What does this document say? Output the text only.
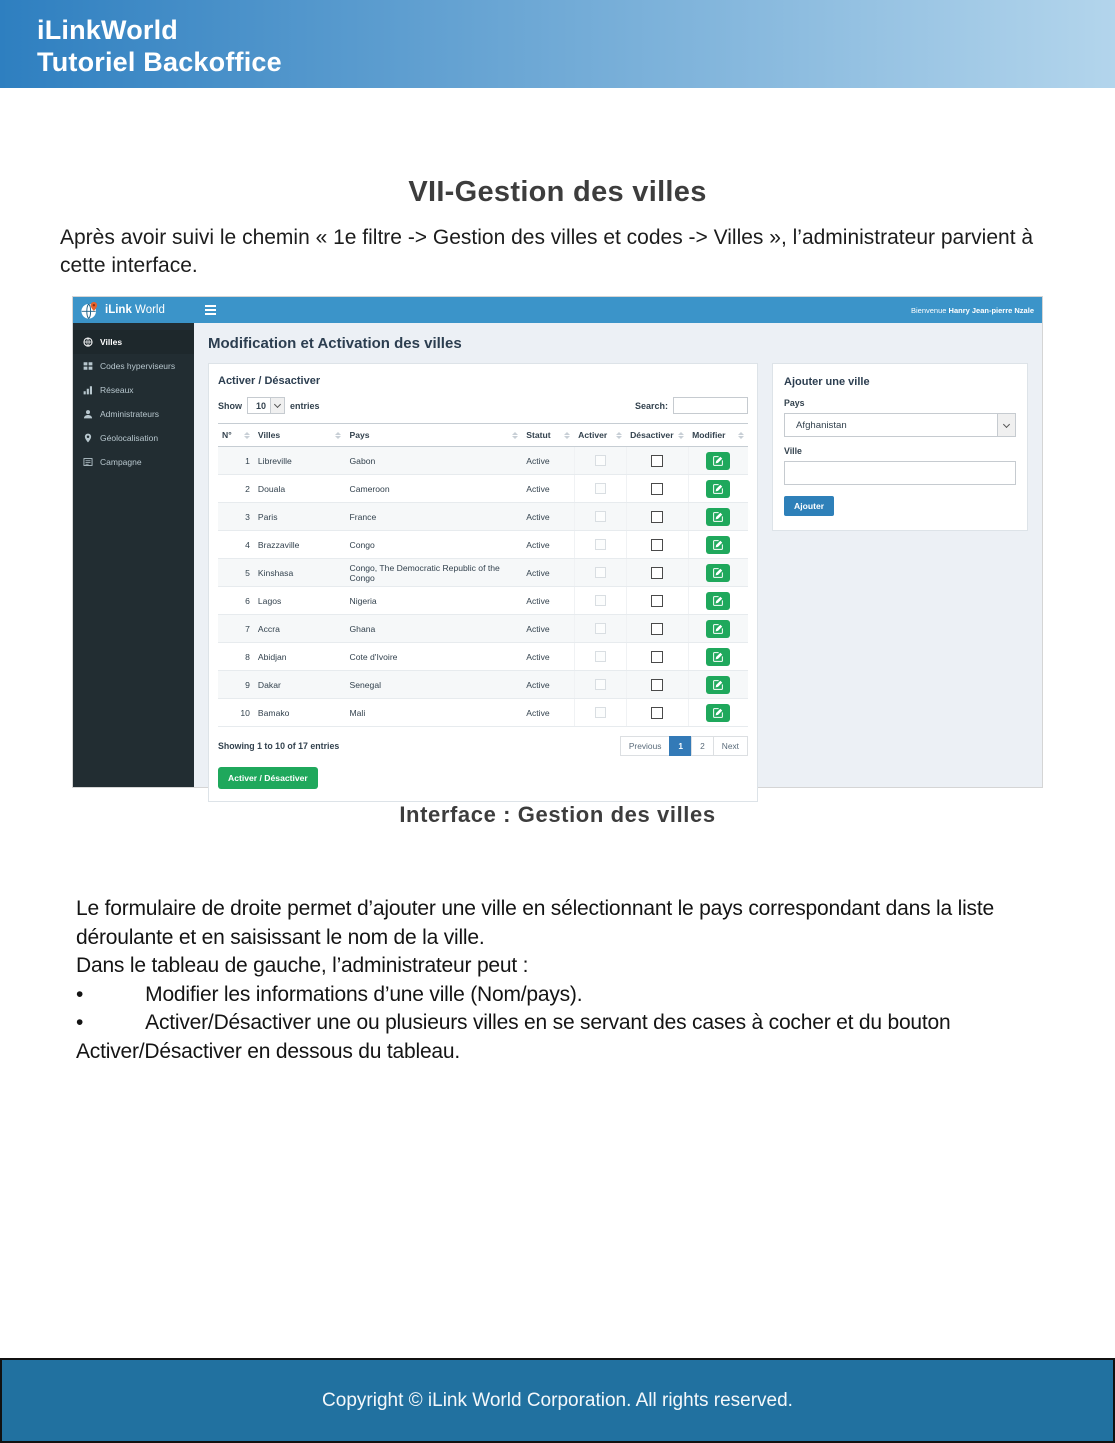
iLinkWorld
Tutoriel Backoffice
VII-Gestion des villes

Après avoir suivi le chemin « 1e filtre -> Gestion des villes et codes -> Villes », l’administrateur parvient à cette interface.

iLink World	Bienvenue Hanry Jean-pierre Nzale
Villes
Codes hyperviseurs
Réseaux
Administrateurs
Géolocalisation
Campagne
Modification et Activation des villes
Activer / Désactiver
Show 10	entries	Search:
N°	Villes	Pays	Statut	Activer	Désactiver	Modifier

1	Libreville	Gabon	Active			

2	Douala	Cameroon	Active			

3	Paris	France	Active			

4	Brazzaville	Congo	Active			

5	Kinshasa	Congo, The Democratic Republic of the Congo	Active			

6	Lagos	Nigeria	Active			

7	Accra	Ghana	Active			

8	Abidjan	Cote d'Ivoire	Active			

9	Dakar	Senegal	Active			

10	Bamako	Mali	Active			
Showing 1 to 10 of 17 entries	Previous	1	2	Next
Activer / Désactiver
Ajouter une ville
Pays
Afghanistan
Ville

Ajouter
Interface : Gestion des villes
Le formulaire de droite permet d’ajouter une ville en sélectionnant le pays correspondant dans la liste déroulante et en saisissant le nom de la ville.
Dans le tableau de gauche, l’administrateur peut :
•	Modifier les informations d’une ville (Nom/pays).
•	Activer/Désactiver une ou plusieurs villes en se servant des cases à cocher et du bouton Activer/Désactiver en dessous du tableau.
Copyright © iLink World Corporation. All rights reserved.
